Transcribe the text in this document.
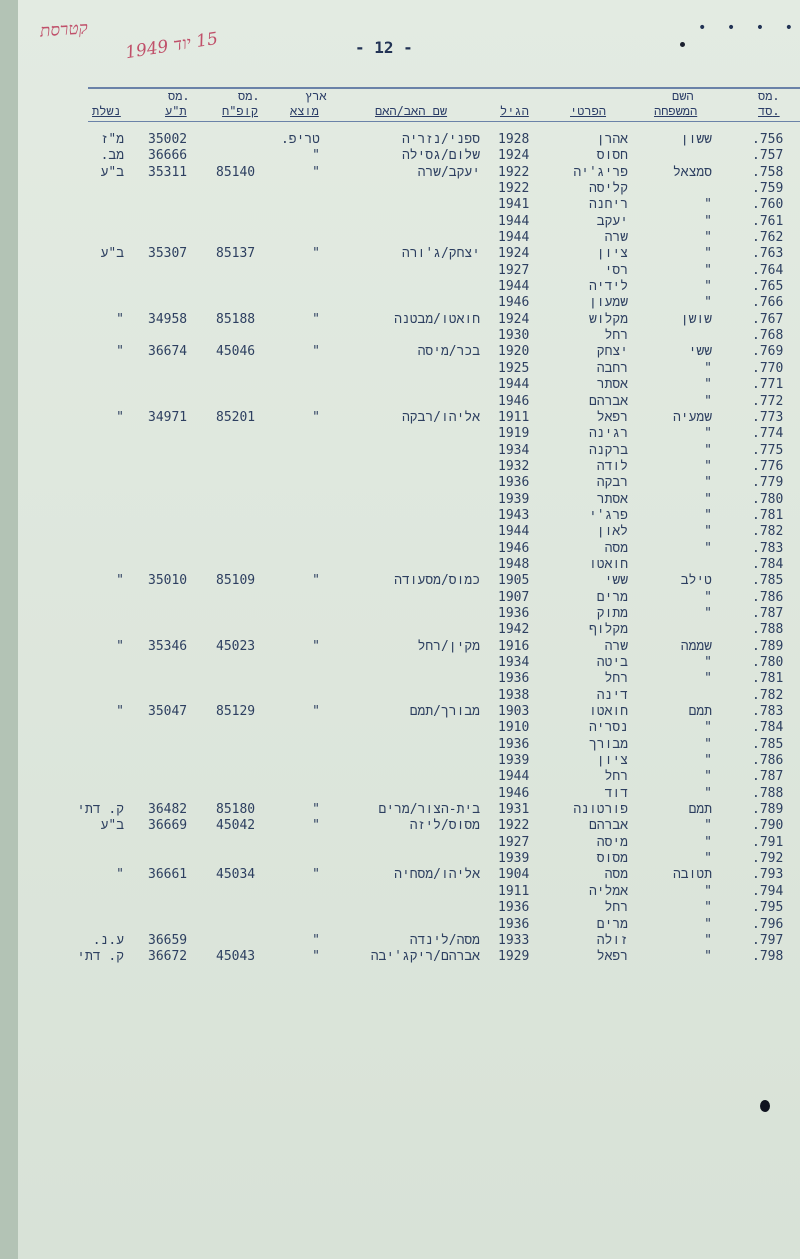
קטרסת
15 יוד 1949	- 12 -
• • • •
מס.
סד.
השם
המשפחה
הפרטי
הגיל
שם האב/האם
ארץ
מוצא
מס.
קופ"ח
מס.
ת"ע
נשלת
.756
ששון
אהרן
1928
ספני/נזריה
טריפ.
35002
מ"ז
.757
חסוס
1924
שלום/גסילה
"
36666
מב.
.758
סמצאל
פריג'יה
1922
יעקב/שרה
"
85140
35311
ב"ע
.759
קליסה
1922
.760
"
ריחנה
1941
.761
"
יעקב
1944
.762
"
שרה
1944
.763
"
ציון
1924
יצחק/ג'ורה
"
85137
35307
ב"ע
.764
"
רסי
1927
.765
"
לידיה
1944
.766
"
שמעון
1946
.767
שושן
מקלוש
1924
חואטו/מבטנה
"
85188
34958
"
.768
רחל
1930
.769
ששי
יצחק
1920
בכר/מיסה
"
45046
36674
"
.770
"
רחבה
1925
.771
"
אסתר
1944
.772
"
אברהם
1946
.773
שמעיה
רפאל
1911
אליהו/רבקה
"
85201
34971
"
.774
"
רגינה
1919
.775
"
ברקנה
1934
.776
"
לודה
1932
.779
"
רבקה
1936
.780
"
אסתר
1939
.781
"
פרג'י
1943
.782
"
לאון
1944
.783
"
מסה
1946
.784
חואטו
1948
.785
טילב
ששי
1905
כמוס/מסעודה
"
85109
35010
"
.786
"
מרים
1907
.787
"
מתוק
1936
.788
מקלוף
1942
.789
שממה
שרה
1916
מקין/רחל
"
45023
35346
"
.780
"
ביטה
1934
.781
"
רחל
1936
.782
דינה
1938
.783
תמם
חואטו
1903
מבורך/תמם
"
85129
35047
"
.784
"
נסריה
1910
.785
"
מבורך
1936
.786
"
ציון
1939
.787
"
רחל
1944
.788
"
דוד
1946
.789
תמם
פורטונה
1931
בית-הצור/מרים
"
85180
36482
ק. דתי
.790
"
אברהם
1922
מסוס/ליזה
"
45042
36669
ב"ע
.791
"
מיסה
1927
.792
"
מסוס
1939
.793
תטובה
מסה
1904
אליהו/מסחיה
"
45034
36661
"
.794
"
אמליה
1911
.795
"
רחל
1936
.796
"
מרים
1936
.797
"
זולה
1933
מסה/לינדה
"
36659
ע.נ.
.798
"
רפאל
1929
אברהם/ריקג'יבה
"
45043
36672
ק. דתי
